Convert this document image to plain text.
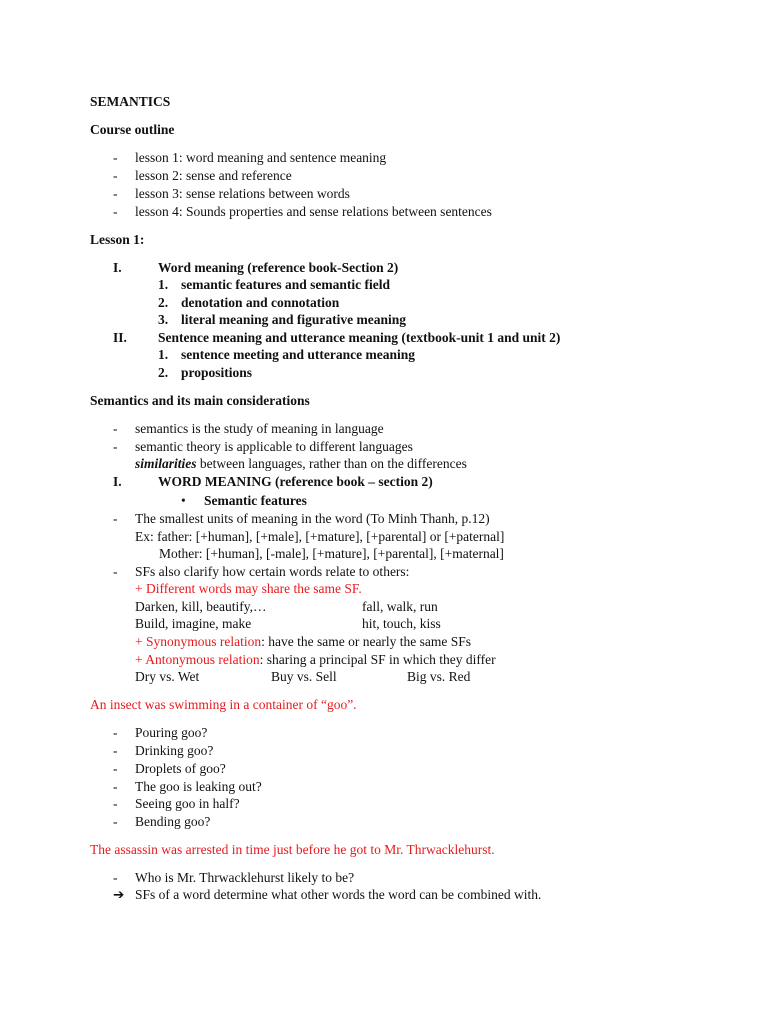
SEMANTICS
Course outline
- lesson 1: word meaning and sentence meaning
- lesson 2: sense and reference
- lesson 3: sense relations between words
- lesson 4: Sounds properties and sense relations between sentences
Lesson 1:
I.	Word meaning (reference book-Section 2)
1. semantic features and semantic field
2. denotation and connotation
3. literal meaning and figurative meaning
II. Sentence meaning and utterance meaning (textbook-unit 1 and unit 2)
1. sentence meeting and utterance meaning
2. propositions
Semantics and its main considerations
- semantics is the study of meaning in language
- semantic theory is applicable to different languages
similarities between languages, rather than on the differences
I.	WORD MEANING (reference book – section 2)
• Semantic features
- The smallest units of meaning in the word (To Minh Thanh, p.12)
Ex: father: [+human], [+male], [+mature], [+parental] or [+paternal]
Mother: [+human], [-male], [+mature], [+parental], [+maternal]
- SFs also clarify how certain words relate to others:
+ Different words may share the same SF.
Darken, kill, beautify,…	fall, walk, run
Build, imagine, make	hit, touch, kiss
+ Synonymous relation: have the same or nearly the same SFs
+ Antonymous relation: sharing a principal SF in which they differ
Dry vs. Wet	Buy vs. Sell	Big vs. Red
An insect was swimming in a container of “goo”.
- Pouring goo?
- Drinking goo?
- Droplets of goo?
- The goo is leaking out?
- Seeing goo in half?
- Bending goo?
The assassin was arrested in time just before he got to Mr. Thrwacklehurst.
- Who is Mr. Thrwacklehurst likely to be?
➔ SFs of a word determine what other words the word can be combined with.
